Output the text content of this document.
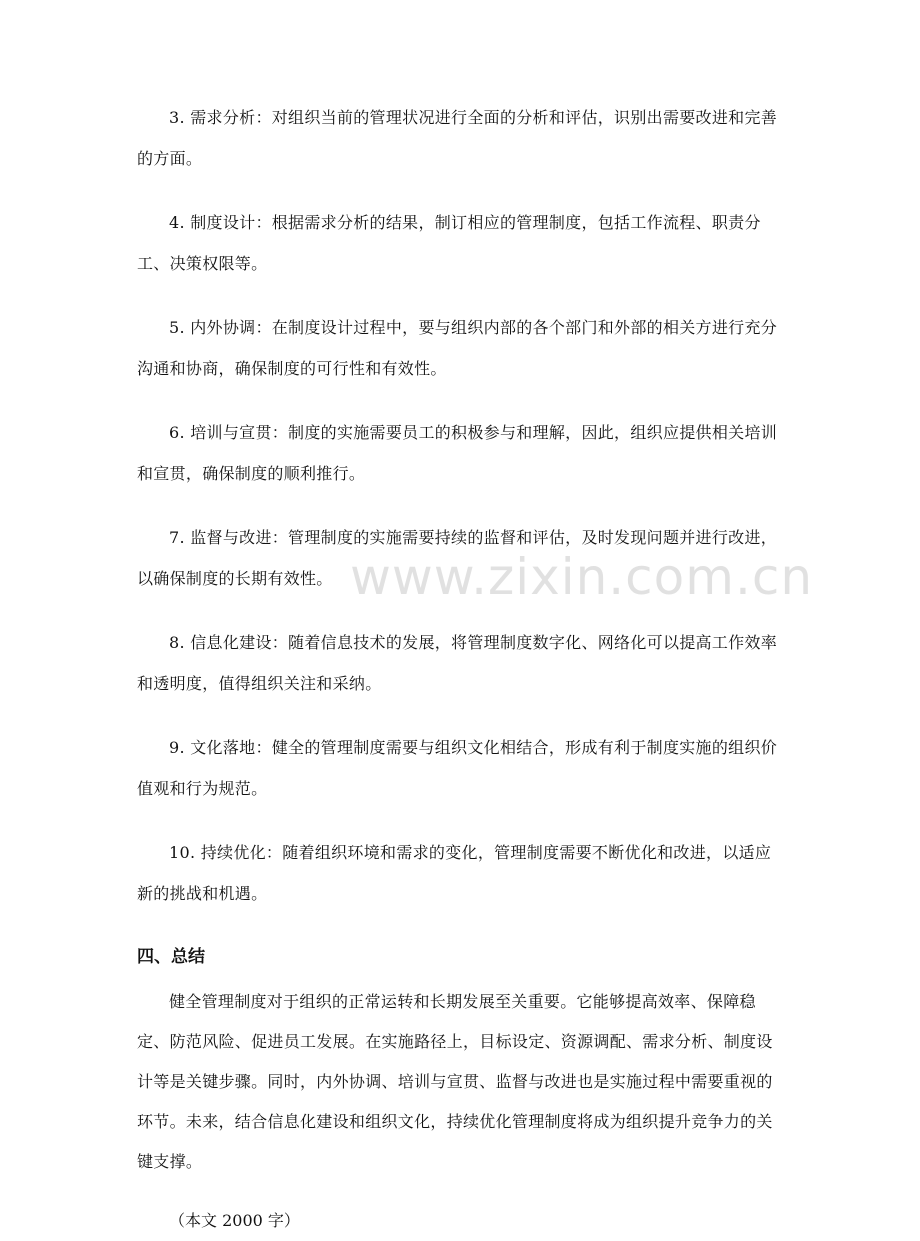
3. 需求分析：对组织当前的管理状况进行全面的分析和评估，识别出需要改进和完善的方面。

4. 制度设计：根据需求分析的结果，制订相应的管理制度，包括工作流程、职责分工、决策权限等。

5. 内外协调：在制度设计过程中，要与组织内部的各个部门和外部的相关方进行充分沟通和协商，确保制度的可行性和有效性。

6. 培训与宣贯：制度的实施需要员工的积极参与和理解，因此，组织应提供相关培训和宣贯，确保制度的顺利推行。

7. 监督与改进：管理制度的实施需要持续的监督和评估，及时发现问题并进行改进，以确保制度的长期有效性。

8. 信息化建设：随着信息技术的发展，将管理制度数字化、网络化可以提高工作效率和透明度，值得组织关注和采纳。

9. 文化落地：健全的管理制度需要与组织文化相结合，形成有利于制度实施的组织价值观和行为规范。

10. 持续优化：随着组织环境和需求的变化，管理制度需要不断优化和改进，以适应新的挑战和机遇。

四、总结

健全管理制度对于组织的正常运转和长期发展至关重要。它能够提高效率、保障稳定、防范风险、促进员工发展。在实施路径上，目标设定、资源调配、需求分析、制度设计等是关键步骤。同时，内外协调、培训与宣贯、监督与改进也是实施过程中需要重视的环节。未来，结合信息化建设和组织文化，持续优化管理制度将成为组织提升竞争力的关键支撑。

（本文 2000 字）

www.zixin.com.cn
